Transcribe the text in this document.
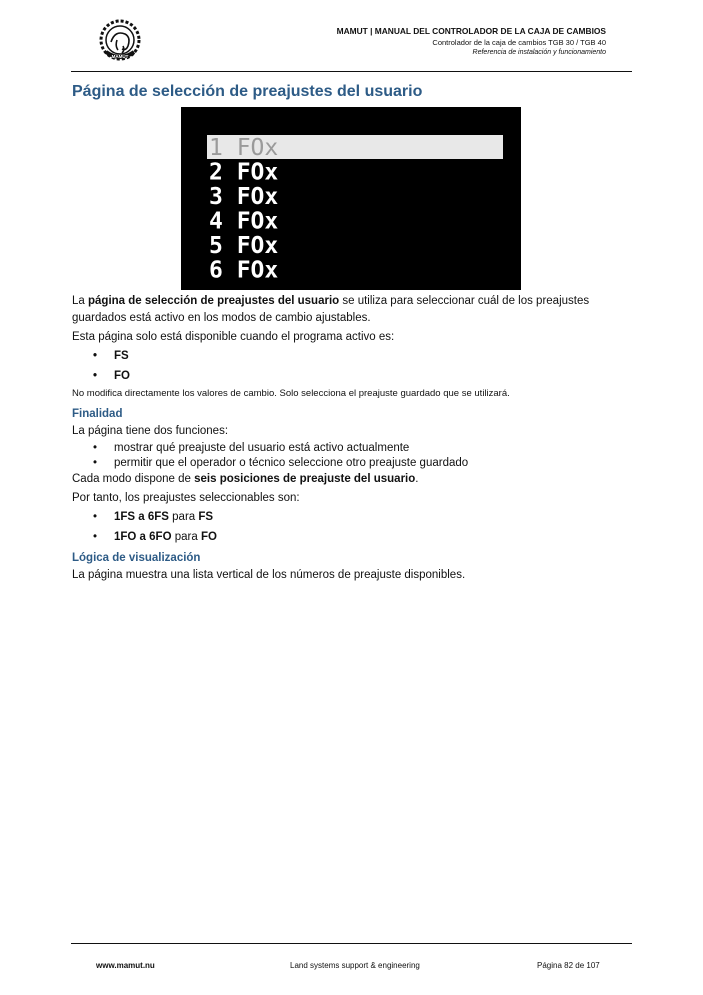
MAMUT
MAMUT | MANUAL DEL CONTROLADOR DE LA CAJA DE CAMBIOS
Controlador de la caja de cambios TGB 30 / TGB 40
Referencia de instalación y funcionamiento
Página de selección de preajustes del usuario
1 FOx
2 FOx
3 FOx
4 FOx
5 FOx
6 FOx

La página de selección de preajustes del usuario se utiliza para seleccionar cuál de los preajustes guardados está activo en los modos de cambio ajustables.

Esta página solo está disponible cuando el programa activo es:

• FS
• FO

No modifica directamente los valores de cambio. Solo selecciona el preajuste guardado que se utilizará.

Finalidad

La página tiene dos funciones:

• mostrar qué preajuste del usuario está activo actualmente
• permitir que el operador o técnico seleccione otro preajuste guardado

Cada modo dispone de seis posiciones de preajuste del usuario.

Por tanto, los preajustes seleccionables son:

• 1FS a 6FS para FS
• 1FO a 6FO para FO

Lógica de visualización

La página muestra una lista vertical de los números de preajuste disponibles.

www.mamut.nu	Land systems support & engineering	Página 82 de 107
